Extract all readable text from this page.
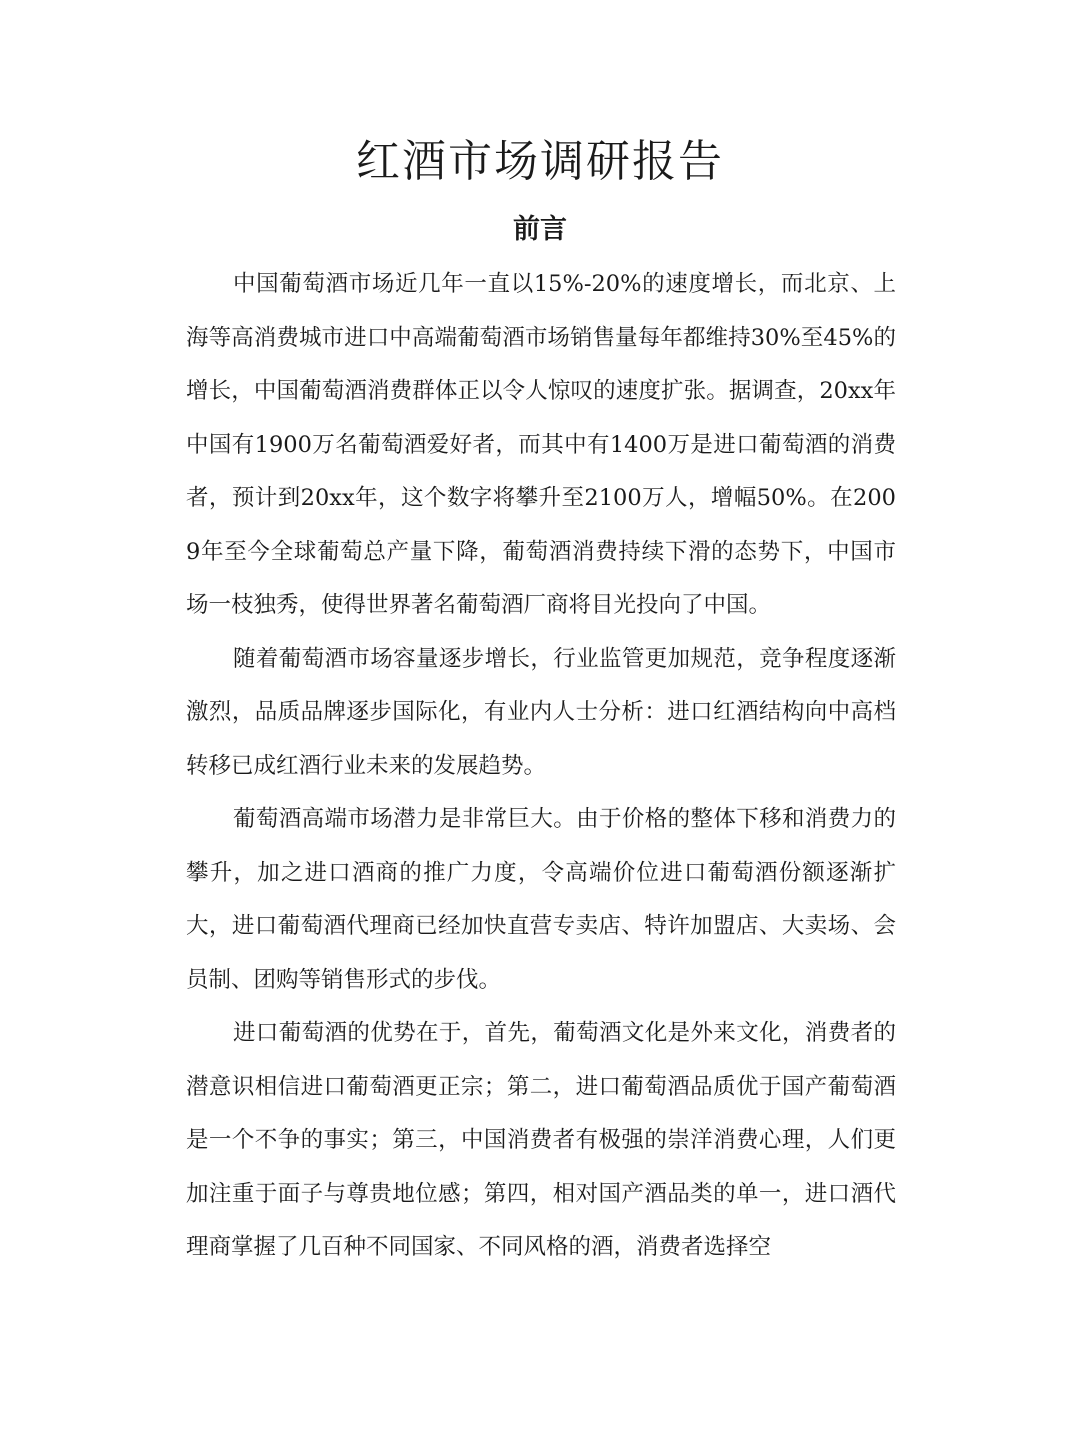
红酒市场调研报告
前言

中国葡萄酒市场近几年一直以15%-20%的速度增长，而北京、上海等高消费城市进口中高端葡萄酒市场销售量每年都维持30%至45%的增长，中国葡萄酒消费群体正以令人惊叹的速度扩张。据调查，20xx年中国有1900万名葡萄酒爱好者，而其中有1400万是进口葡萄酒的消费者，预计到20xx年，这个数字将攀升至2100万人，增幅50%。在2009年至今全球葡萄总产量下降，葡萄酒消费持续下滑的态势下，中国市场一枝独秀，使得世界著名葡萄酒厂商将目光投向了中国。

随着葡萄酒市场容量逐步增长，行业监管更加规范，竞争程度逐渐激烈，品质品牌逐步国际化，有业内人士分析：进口红酒结构向中高档转移已成红酒行业未来的发展趋势。

葡萄酒高端市场潜力是非常巨大。由于价格的整体下移和消费力的攀升，加之进口酒商的推广力度，令高端价位进口葡萄酒份额逐渐扩大，进口葡萄酒代理商已经加快直营专卖店、特许加盟店、大卖场、会员制、团购等销售形式的步伐。

进口葡萄酒的优势在于，首先，葡萄酒文化是外来文化，消费者的潜意识相信进口葡萄酒更正宗；第二，进口葡萄酒品质优于国产葡萄酒是一个不争的事实；第三，中国消费者有极强的崇洋消费心理，人们更加注重于面子与尊贵地位感；第四，相对国产酒品类的单一，进口酒代理商掌握了几百种不同国家、不同风格的酒，消费者选择空
